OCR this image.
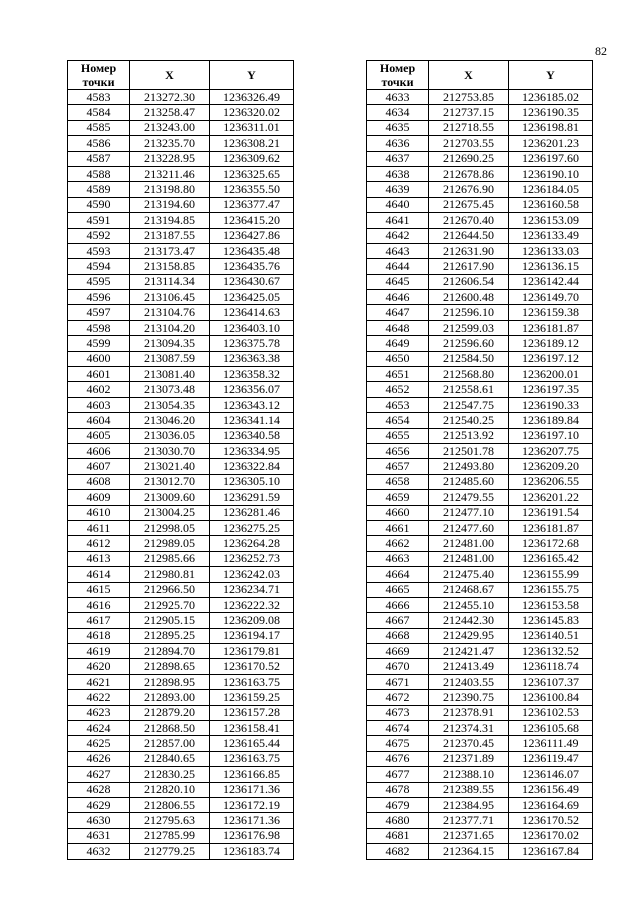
82
Номер точки	X	Y
4583	213272.30	1236326.49
4584	213258.47	1236320.02
4585	213243.00	1236311.01
4586	213235.70	1236308.21
4587	213228.95	1236309.62
4588	213211.46	1236325.65
4589	213198.80	1236355.50
4590	213194.60	1236377.47
4591	213194.85	1236415.20
4592	213187.55	1236427.86
4593	213173.47	1236435.48
4594	213158.85	1236435.76
4595	213114.34	1236430.67
4596	213106.45	1236425.05
4597	213104.76	1236414.63
4598	213104.20	1236403.10
4599	213094.35	1236375.78
4600	213087.59	1236363.38
4601	213081.40	1236358.32
4602	213073.48	1236356.07
4603	213054.35	1236343.12
4604	213046.20	1236341.14
4605	213036.05	1236340.58
4606	213030.70	1236334.95
4607	213021.40	1236322.84
4608	213012.70	1236305.10
4609	213009.60	1236291.59
4610	213004.25	1236281.46
4611	212998.05	1236275.25
4612	212989.05	1236264.28
4613	212985.66	1236252.73
4614	212980.81	1236242.03
4615	212966.50	1236234.71
4616	212925.70	1236222.32
4617	212905.15	1236209.08
4618	212895.25	1236194.17
4619	212894.70	1236179.81
4620	212898.65	1236170.52
4621	212898.95	1236163.75
4622	212893.00	1236159.25
4623	212879.20	1236157.28
4624	212868.50	1236158.41
4625	212857.00	1236165.44
4626	212840.65	1236163.75
4627	212830.25	1236166.85
4628	212820.10	1236171.36
4629	212806.55	1236172.19
4630	212795.63	1236171.36
4631	212785.99	1236176.98
4632	212779.25	1236183.74
Номер точки	X	Y
4633	212753.85	1236185.02
4634	212737.15	1236190.35
4635	212718.55	1236198.81
4636	212703.55	1236201.23
4637	212690.25	1236197.60
4638	212678.86	1236190.10
4639	212676.90	1236184.05
4640	212675.45	1236160.58
4641	212670.40	1236153.09
4642	212644.50	1236133.49
4643	212631.90	1236133.03
4644	212617.90	1236136.15
4645	212606.54	1236142.44
4646	212600.48	1236149.70
4647	212596.10	1236159.38
4648	212599.03	1236181.87
4649	212596.60	1236189.12
4650	212584.50	1236197.12
4651	212568.80	1236200.01
4652	212558.61	1236197.35
4653	212547.75	1236190.33
4654	212540.25	1236189.84
4655	212513.92	1236197.10
4656	212501.78	1236207.75
4657	212493.80	1236209.20
4658	212485.60	1236206.55
4659	212479.55	1236201.22
4660	212477.10	1236191.54
4661	212477.60	1236181.87
4662	212481.00	1236172.68
4663	212481.00	1236165.42
4664	212475.40	1236155.99
4665	212468.67	1236155.75
4666	212455.10	1236153.58
4667	212442.30	1236145.83
4668	212429.95	1236140.51
4669	212421.47	1236132.52
4670	212413.49	1236118.74
4671	212403.55	1236107.37
4672	212390.75	1236100.84
4673	212378.91	1236102.53
4674	212374.31	1236105.68
4675	212370.45	1236111.49
4676	212371.89	1236119.47
4677	212388.10	1236146.07
4678	212389.55	1236156.49
4679	212384.95	1236164.69
4680	212377.71	1236170.52
4681	212371.65	1236170.02
4682	212364.15	1236167.84
